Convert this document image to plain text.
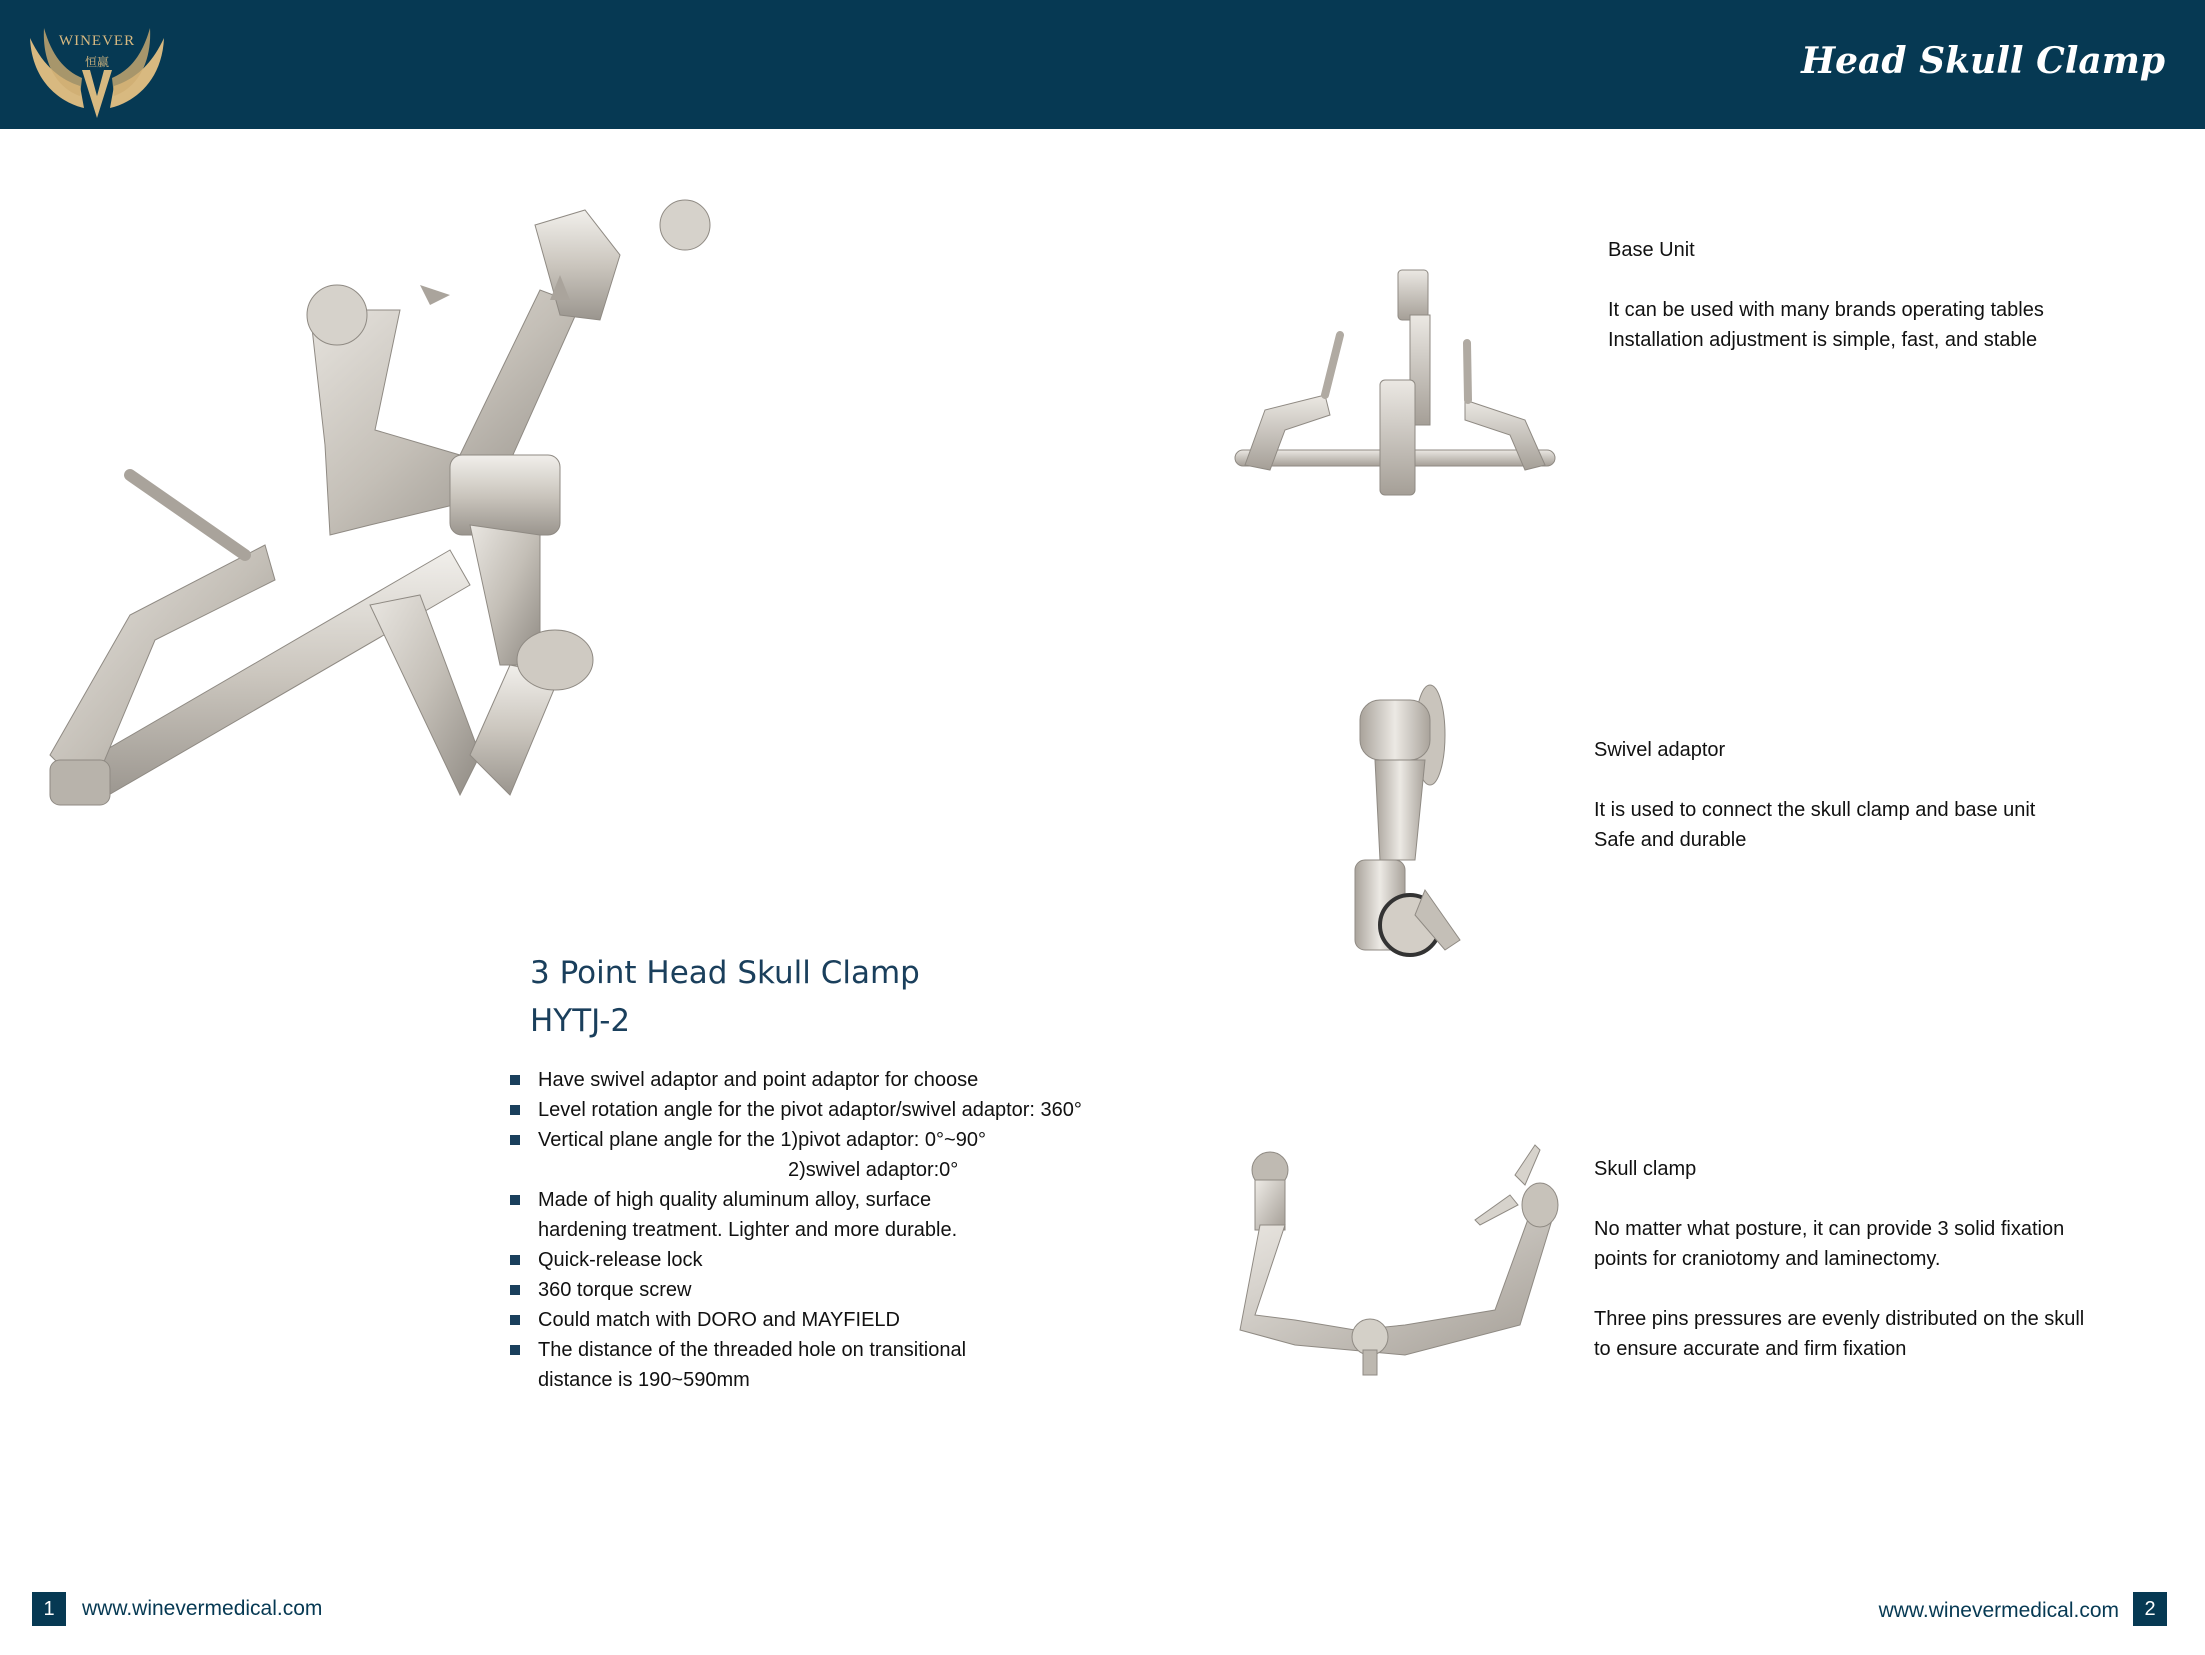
WINEVER
恒赢	Head Skull Clamp
3 Point Head Skull Clamp
HYTJ-2
Have swivel adaptor and point adaptor for choose
Level rotation angle for the pivot adaptor/swivel adaptor: 360°
Vertical plane angle for the 1)pivot adaptor: 0°~90°
2)swivel adaptor:0°
Made of high quality aluminum alloy, surface
hardening treatment. Lighter and more durable.
Quick-release lock
360 torque screw
Could match with DORO and MAYFIELD
The distance of the threaded hole on transitional
distance is 190~590mm

Base Unit

It can be used with many brands operating tables

Installation adjustment is simple, fast, and stable

Swivel adaptor

It is used to connect the skull clamp and base unit

Safe and durable

Skull clamp

No matter what posture, it can provide 3 solid fixation

points for craniotomy and laminectomy.

Three pins pressures are evenly distributed on the skull

to ensure accurate and firm fixation

1	www.winevermedical.com	www.winevermedical.com	2
